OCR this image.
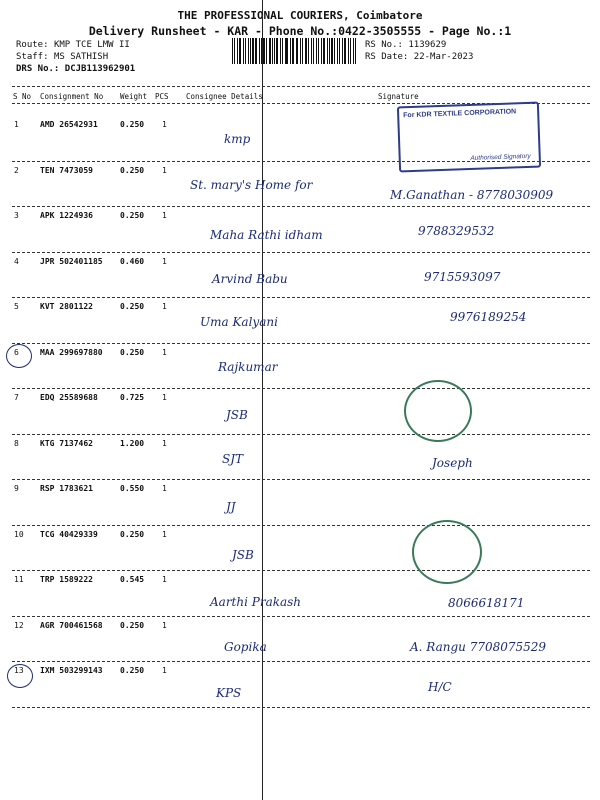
THE PROFESSIONAL COURIERS, Coimbatore
Delivery Runsheet - KAR - Phone No.:0422-3505555 - Page No.:1
Route: KMP TCE LMW II
Staff: MS SATHISH
DRS No.: DCJB113962901
RS No.: 1139629
RS Date: 22-Mar-2023
S No Consignment No Weight PCS Consignee Details	Signature
1	AMD 26542931	0.250 1
kmp
2	TEN 7473059	0.250 1
St. mary's Home for
M.Ganathan - 8778030909
3	APK 1224936	0.250 1
Maha Rathi idham	9788329532
4	JPR 502401185 0.460 1
Arvind Babu	9715593097
5	KVT 2801122	0.250 1
Uma Kalyani	9976189254
6	MAA 299697880 0.250 1
Rajkumar
7	EDQ 25589688	0.725 1
JSB
8	KTG 7137462	1.200 1
SJT	Joseph
9	RSP 1783621	0.550 1
JJ
10 TCG 40429339	0.250 1
JSB
11 TRP 1589222	0.545 1
Aarthi Prakash	8066618171
12 AGR 700461568 0.250 1
Gopika	A. Rangu 7708075529
13 IXM 503299143 0.250 1
KPS	H/C
For KDR TEXTILE CORPORATION
Authorised Signatory
